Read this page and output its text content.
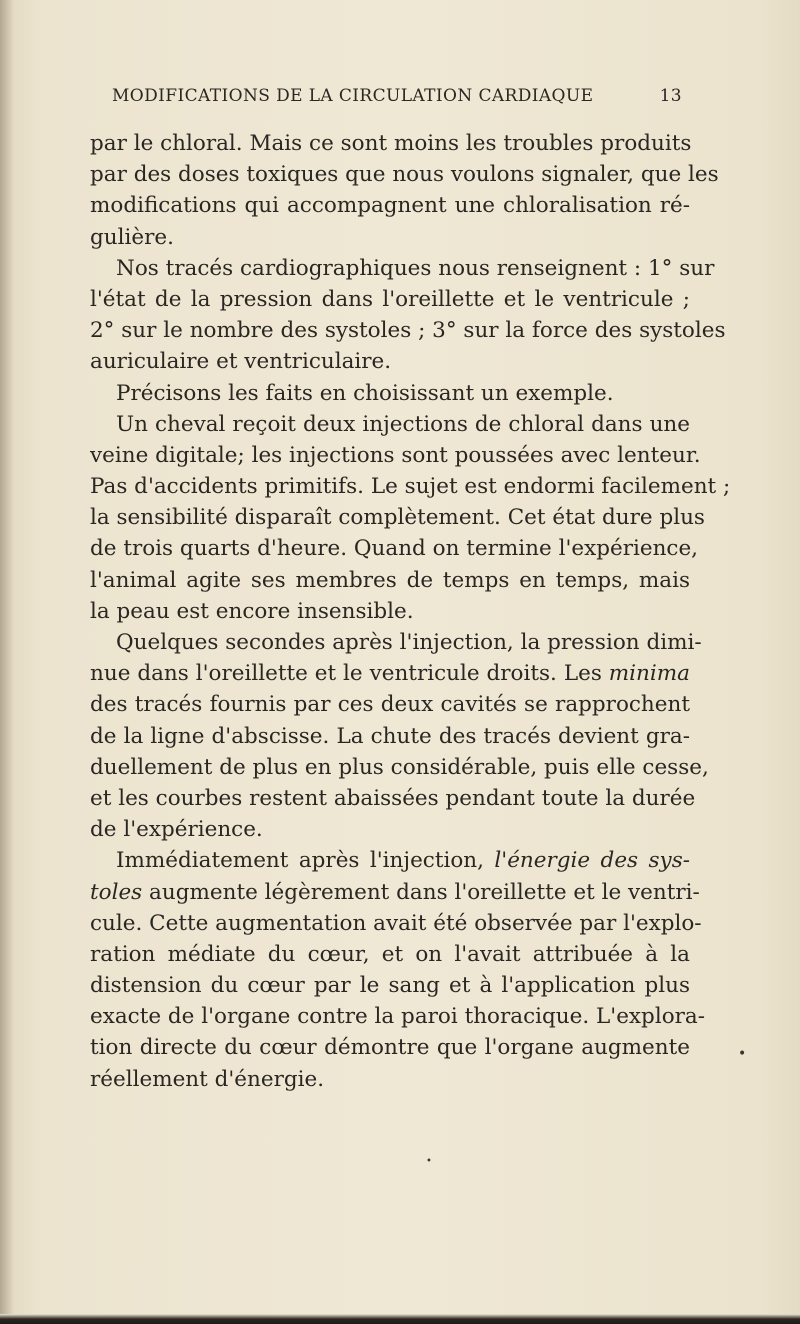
MODIFICATIONS DE LA CIRCULATION CARDIAQUE	13
par le chloral. Mais ce sont moins les troubles produits
par des doses toxiques que nous voulons signaler, que les
modifications qui accompagnent une chloralisation ré-
gulière.
Nos tracés cardiographiques nous renseignent : 1° sur
l'état de la pression dans l'oreillette et le ventricule ;
2° sur le nombre des systoles ; 3° sur la force des systoles
auriculaire et ventriculaire.
Précisons les faits en choisissant un exemple.
Un cheval reçoit deux injections de chloral dans une
veine digitale; les injections sont poussées avec lenteur.
Pas d'accidents primitifs. Le sujet est endormi facilement ;
la sensibilité disparaît complètement. Cet état dure plus
de trois quarts d'heure. Quand on termine l'expérience,
l'animal agite ses membres de temps en temps, mais
la peau est encore insensible.
Quelques secondes après l'injection, la pression dimi-
nue dans l'oreillette et le ventricule droits. Les minima
des tracés fournis par ces deux cavités se rapprochent
de la ligne d'abscisse. La chute des tracés devient gra-
duellement de plus en plus considérable, puis elle cesse,
et les courbes restent abaissées pendant toute la durée
de l'expérience.
Immédiatement après l'injection, l'énergie des sys-
toles augmente légèrement dans l'oreillette et le ventri-
cule. Cette augmentation avait été observée par l'explo-
ration médiate du cœur, et on l'avait attribuée à la
distension du cœur par le sang et à l'application plus
exacte de l'organe contre la paroi thoracique. L'explora-
tion directe du cœur démontre que l'organe augmente
réellement d'énergie.
•
•
